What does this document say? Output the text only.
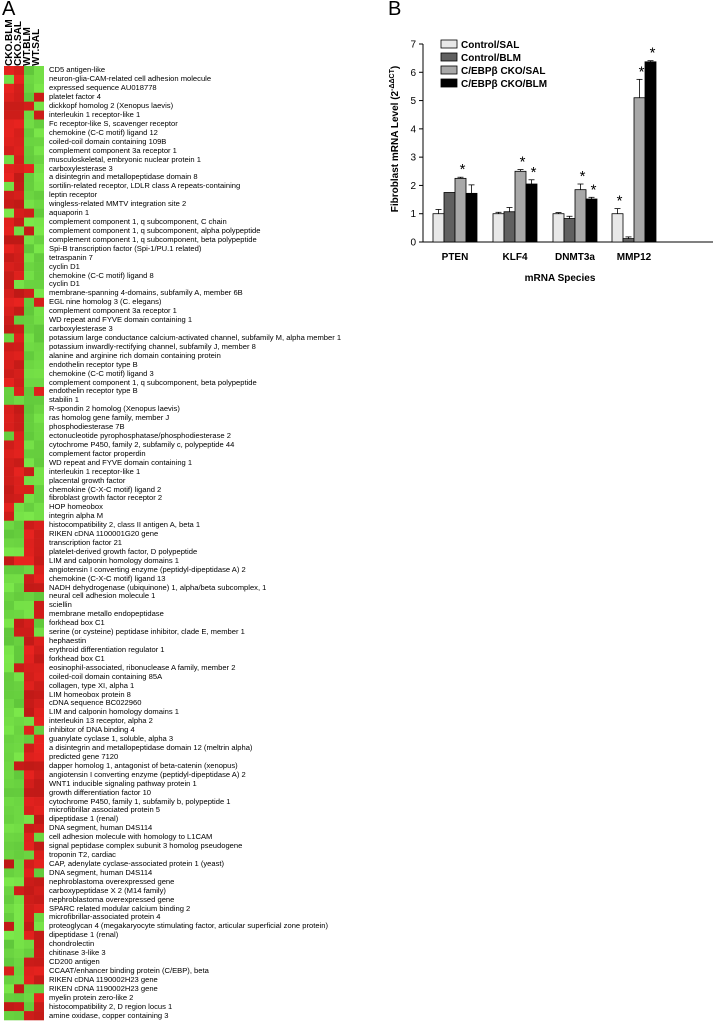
A	B
CKO.BLM
CKO.SAL
WT.BLM
WT.SAL
CD5 antigen-like
neuron-glia-CAM-related cell adhesion molecule
expressed sequence AU018778
platelet factor 4
dickkopf homolog 2 (Xenopus laevis)
interleukin 1 receptor-like 1
Fc receptor-like S, scavenger receptor
chemokine (C-C motif) ligand 12
coiled-coil domain containing 109B
complement component 3a receptor 1
musculoskeletal, embryonic nuclear protein 1
carboxylesterase 3
a disintegrin and metallopeptidase domain 8
sortilin-related receptor, LDLR class A repeats-containing
leptin receptor
wingless-related MMTV integration site 2
aquaporin 1
complement component 1, q subcomponent, C chain
complement component 1, q subcomponent, alpha polypeptide
complement component 1, q subcomponent, beta polypeptide
Spi-B transcription factor (Spi-1/PU.1 related)
tetraspanin 7
cyclin D1
chemokine (C-C motif) ligand 8
cyclin D1
membrane-spanning 4-domains, subfamily A, member 6B
EGL nine homolog 3 (C. elegans)
complement component 3a receptor 1
WD repeat and FYVE domain containing 1
carboxylesterase 3
potassium large conductance calcium-activated channel, subfamily M, alpha member 1
potassium inwardly-rectifying channel, subfamily J, member 8
alanine and arginine rich domain containing protein
endothelin receptor type B
chemokine (C-C motif) ligand 3
complement component 1, q subcomponent, beta polypeptide
endothelin receptor type B
stabilin 1
R-spondin 2 homolog (Xenopus laevis)
ras homolog gene family, member J
phosphodiesterase 7B
ectonucleotide pyrophosphatase/phosphodiesterase 2
cytochrome P450, family 2, subfamily c, polypeptide 44
complement factor properdin
WD repeat and FYVE domain containing 1
interleukin 1 receptor-like 1
placental growth factor
chemokine (C-X-C motif) ligand 2
fibroblast growth factor receptor 2
HOP homeobox
integrin alpha M
histocompatibility 2, class II antigen A, beta 1
RIKEN cDNA 1100001G20 gene
transcription factor 21
platelet-derived growth factor, D polypeptide
LIM and calponin homology domains 1
angiotensin I converting enzyme (peptidyl-dipeptidase A) 2
chemokine (C-X-C motif) ligand 13
NADH dehydrogenase (ubiquinone) 1, alpha/beta subcomplex, 1
neural cell adhesion molecule 1
sciellin
membrane metallo endopeptidase
forkhead box C1
serine (or cysteine) peptidase inhibitor, clade E, member 1
hephaestin
erythroid differentiation regulator 1
forkhead box C1
eosinophil-associated, ribonuclease A family, member 2
coiled-coil domain containing 85A
collagen, type XI, alpha 1
LIM homeobox protein 8
cDNA sequence BC022960
LIM and calponin homology domains 1
interleukin 13 receptor, alpha 2
inhibitor of DNA binding 4
guanylate cyclase 1, soluble, alpha 3
a disintegrin and metallopeptidase domain 12 (meltrin alpha)
predicted gene 7120
dapper homolog 1, antagonist of beta-catenin (xenopus)
angiotensin I converting enzyme (peptidyl-dipeptidase A) 2
WNT1 inducible signaling pathway protein 1
growth differentiation factor 10
cytochrome P450, family 1, subfamily b, polypeptide 1
microfibrillar associated protein 5
dipeptidase 1 (renal)
DNA segment, human D4S114
cell adhesion molecule with homology to L1CAM
signal peptidase complex subunit 3 homolog pseudogene
troponin T2, cardiac
CAP, adenylate cyclase-associated protein 1 (yeast)
DNA segment, human D4S114
nephroblastoma overexpressed gene
carboxypeptidase X 2 (M14 family)
nephroblastoma overexpressed gene
SPARC related modular calcium binding 2
microfibrillar-associated protein 4
proteoglycan 4 (megakaryocyte stimulating factor, articular superficial zone protein)
dipeptidase 1 (renal)
chondrolectin
chitinase 3-like 3
CD200 antigen
CCAAT/enhancer binding protein (C/EBP), beta
RIKEN cDNA 1190002H23 gene
RIKEN cDNA 1190002H23 gene
myelin protein zero-like 2
histocompatibility 2, D region locus 1
amine oxidase, copper containing 3
0
1
2
3
4
5
6
7
Fibroblast mRNA Level $(2^{-\Delta\Delta CT})$
PTEN	KLF4	DNMT3a MMP12
*	*
*	*
*
*
*
*
mRNA Species
Control/SAL
Control/BLM
C/EBPβ CKO/SAL
C/EBPβ CKO/BLM
